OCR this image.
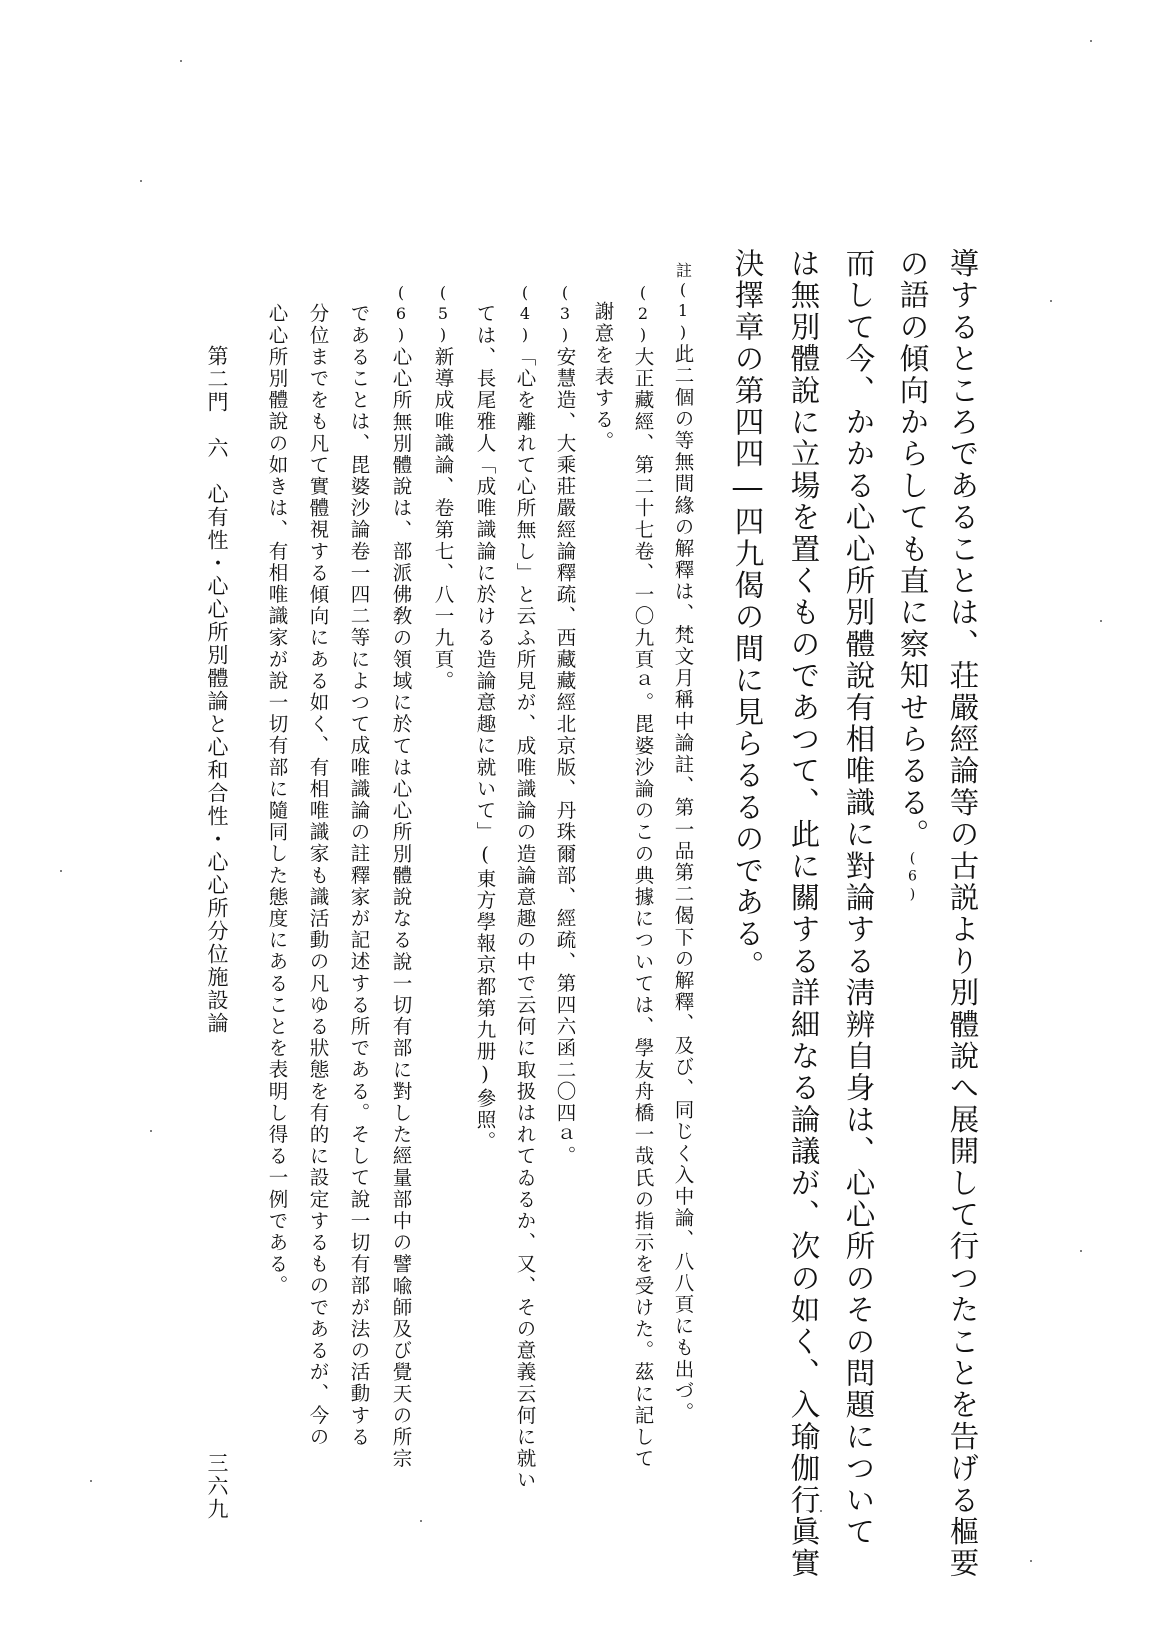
導するところであることは、荘嚴經論等の古説より別體說へ展開して行つたことを告げる樞要
の語の傾向からしても直に察知せらるる。(6)
而して今、かかる心心所別體說有相唯識に對論する淸辨自身は、心心所のその問題について
は無別體說に立場を置くものであつて、此に關する詳細なる論議が、次の如く、入瑜伽行眞實
決擇章の第四四―四九偈の間に見らるるのである。
註(1)此二個の等無間緣の解釋は、梵文月稱中論註、第一品第二偈下の解釋、及び、同じく入中論、八八頁にも出づ。
(2)大正藏經、第二十七卷、一〇九頁ａ。毘婆沙論のこの典據については、學友舟橋一哉氏の指示を受けた。茲に記して
謝意を表する。
(3)安慧造、大乘莊嚴經論釋疏、西藏藏經北京版、丹珠爾部、經疏、第四六函二〇四ａ。
(4)「心を離れて心所無し」と云ふ所見が、成唯識論の造論意趣の中で云何に取扱はれてゐるか、又、その意義云何に就い
ては、長尾雅人「成唯識論に於ける造論意趣に就いて」(東方學報京都第九册)參照。
(5)新導成唯識論、卷第七、八一九頁。
(6)心心所無別體說は、部派佛敎の領域に於ては心心所別體說なる說一切有部に對した經量部中の譬喩師及び覺天の所宗
であることは、毘婆沙論卷一四二等によつて成唯識論の註釋家が記述する所である。そして說一切有部が法の活動する
分位までをも凡て實體視する傾向にある如く、有相唯識家も識活動の凡ゆる狀態を有的に設定するものであるが、今の
心心所別體說の如きは、有相唯識家が說一切有部に隨同した態度にあることを表明し得る一例である。
第二門　六　心有性・心心所別體論と心和合性・心心所分位施設論
三六九
